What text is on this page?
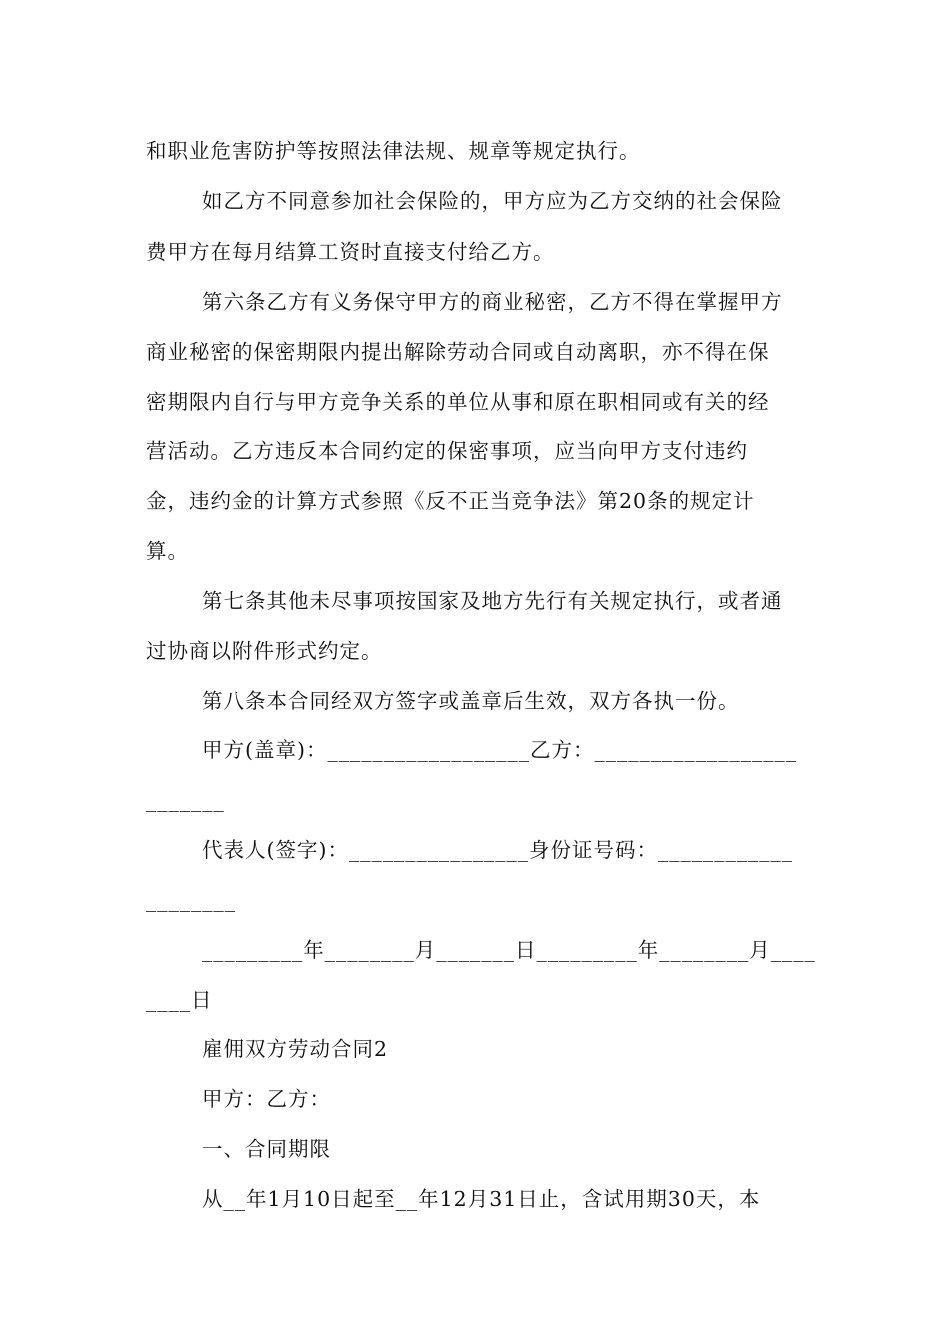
和职业危害防护等按照法律法规、规章等规定执行。
如乙方不同意参加社会保险的，甲方应为乙方交纳的社会保险
费甲方在每月结算工资时直接支付给乙方。
第六条乙方有义务保守甲方的商业秘密，乙方不得在掌握甲方
商业秘密的保密期限内提出解除劳动合同或自动离职，亦不得在保
密期限内自行与甲方竞争关系的单位从事和原在职相同或有关的经
营活动。乙方违反本合同约定的保密事项，应当向甲方支付违约
金，违约金的计算方式参照《反不正当竞争法》第20条的规定计
算。
第七条其他未尽事项按国家及地方先行有关规定执行，或者通
过协商以附件形式约定。
第八条本合同经双方签字或盖章后生效，双方各执一份。
甲方(盖章)：__________________乙方：__________________
_______
代表人(签字)：________________身份证号码：____________
________
_________年________月_______日_________年________月____
____日
雇佣双方劳动合同2
甲方：乙方：
一、合同期限
从__年1月10日起至__年12月31日止，含试用期30天，本
